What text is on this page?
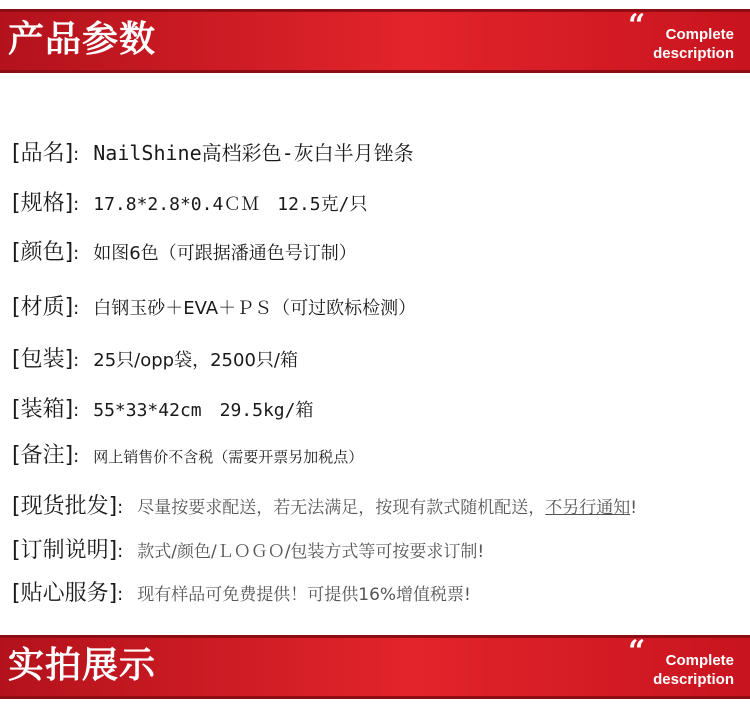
产品参数	“	Complete
description
[品名]: NailShine高档彩色-灰白半月锉条
[规格]: 17.8*2.8*0.4ＣＭ　12.5克/只
[颜色]: 如图6色（可跟据潘通色号订制）
[材质]: 白钢玉砂＋EVA＋ＰＳ（可过欧标检测）
[包装]: 25只/opp袋，2500只/箱
[装箱]: 55*33*42cm　29.5kg/箱
[备注]: 网上销售价不含税（需要开票另加税点）
[现货批发]: 尽量按要求配送，若无法满足，按现有款式随机配送，不另行通知!
[订制说明]: 款式/颜色/ＬＯＧＯ/包装方式等可按要求订制!
[贴心服务]: 现有样品可免费提供！可提供16%增值税票!
实拍展示	“	Complete
description
